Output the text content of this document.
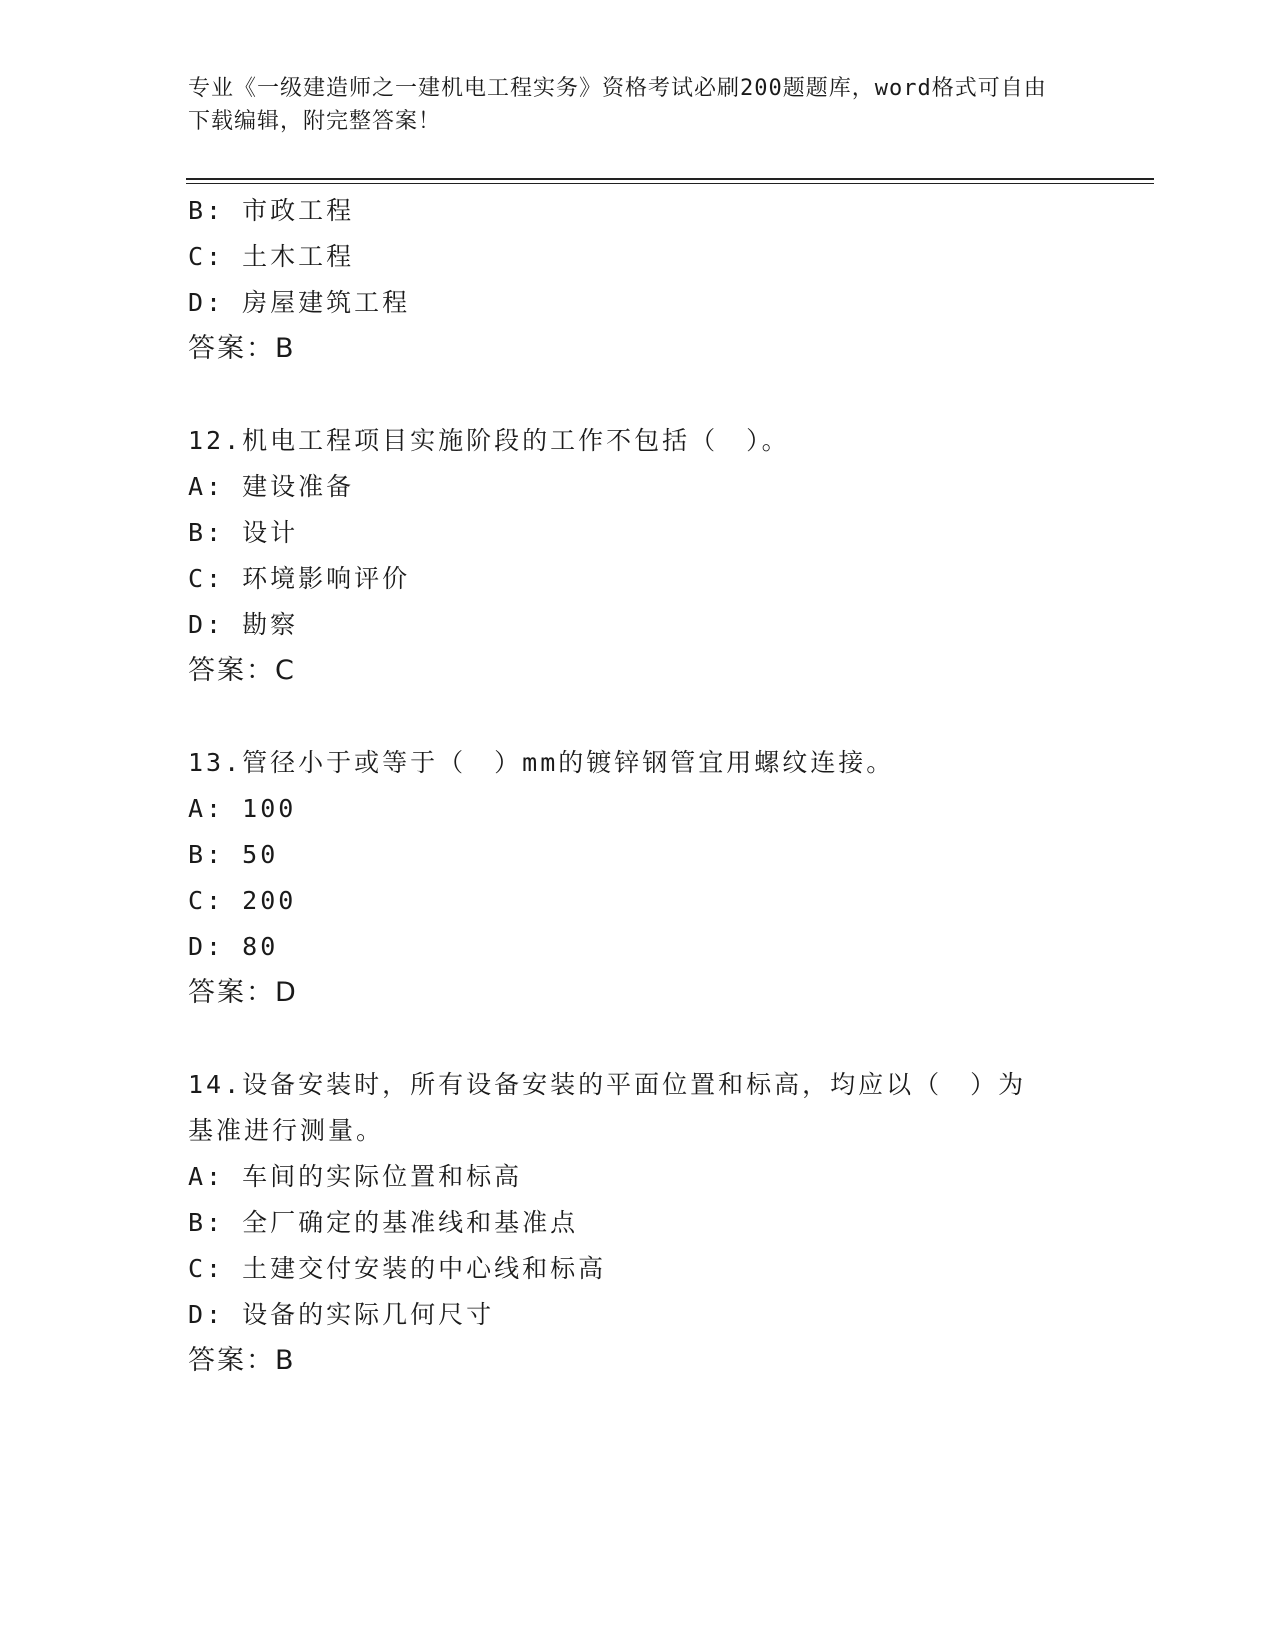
专业《一级建造师之一建机电工程实务》资格考试必刷200题题库，word格式可自由下载编辑，附完整答案！
B: 市政工程
C: 土木工程
D: 房屋建筑工程
答案：B
12.机电工程项目实施阶段的工作不包括（　）。
A: 建设准备
B: 设计
C: 环境影响评价
D: 勘察
答案：C
13.管径小于或等于（　）mm的镀锌钢管宜用螺纹连接。
A: 100
B: 50
C: 200
D: 80
答案：D
14.设备安装时，所有设备安装的平面位置和标高，均应以（　）为基准进行测量。
A: 车间的实际位置和标高
B: 全厂确定的基准线和基准点
C: 土建交付安装的中心线和标高
D: 设备的实际几何尺寸
答案：B
